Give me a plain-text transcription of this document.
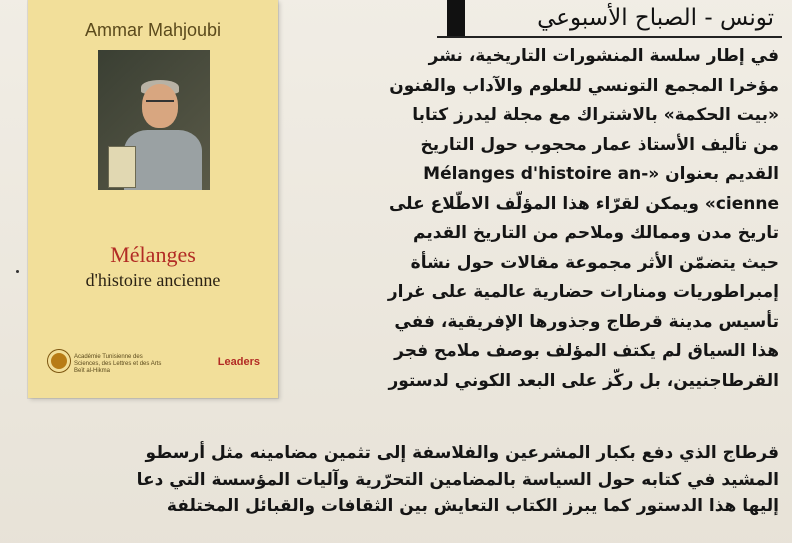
تونس - الصباح الأسبوعي
Ammar Mahjoubi
Mélanges
d'histoire ancienne
Académie Tunisienne des Sciences, des Lettres et des Arts Beït al-Hikma
Leaders
في إطار سلسة المنشورات التاريخية، نشر
مؤخرا المجمع التونسي للعلوم والآداب والفنون
«بيت الحكمة» بالاشتراك مع مجلة ليدرز كتابا
من تأليف الأستاذ عمار محجوب حول التاريخ
القديم بعنوان «-Mélanges d'histoire an
cienne» ويمكن لقرّاء هذا المؤلّف الاطّلاع على
تاريخ مدن وممالك وملاحم من التاريخ القديم
حيث يتضمّن الأثر مجموعة مقالات حول نشأة
إمبراطوريات ومنارات حضارية عالمية على غرار
تأسيس مدينة قرطاج وجذورها الإفريقية، ففي
هذا السياق لم يكتف المؤلف بوصف ملامح فجر
القرطاجنيين، بل ركّز على البعد الكوني لدستور
قرطاج الذي دفع بكبار المشرعين والفلاسفة إلى تثمين مضامينه مثل أرسطو
المشيد في كتابه حول السياسة بالمضامين التحرّرية وآليات المؤسسة التي دعا
إليها هذا الدستور كما يبرز الكتاب التعايش بين الثقافات والقبائل المختلفة
